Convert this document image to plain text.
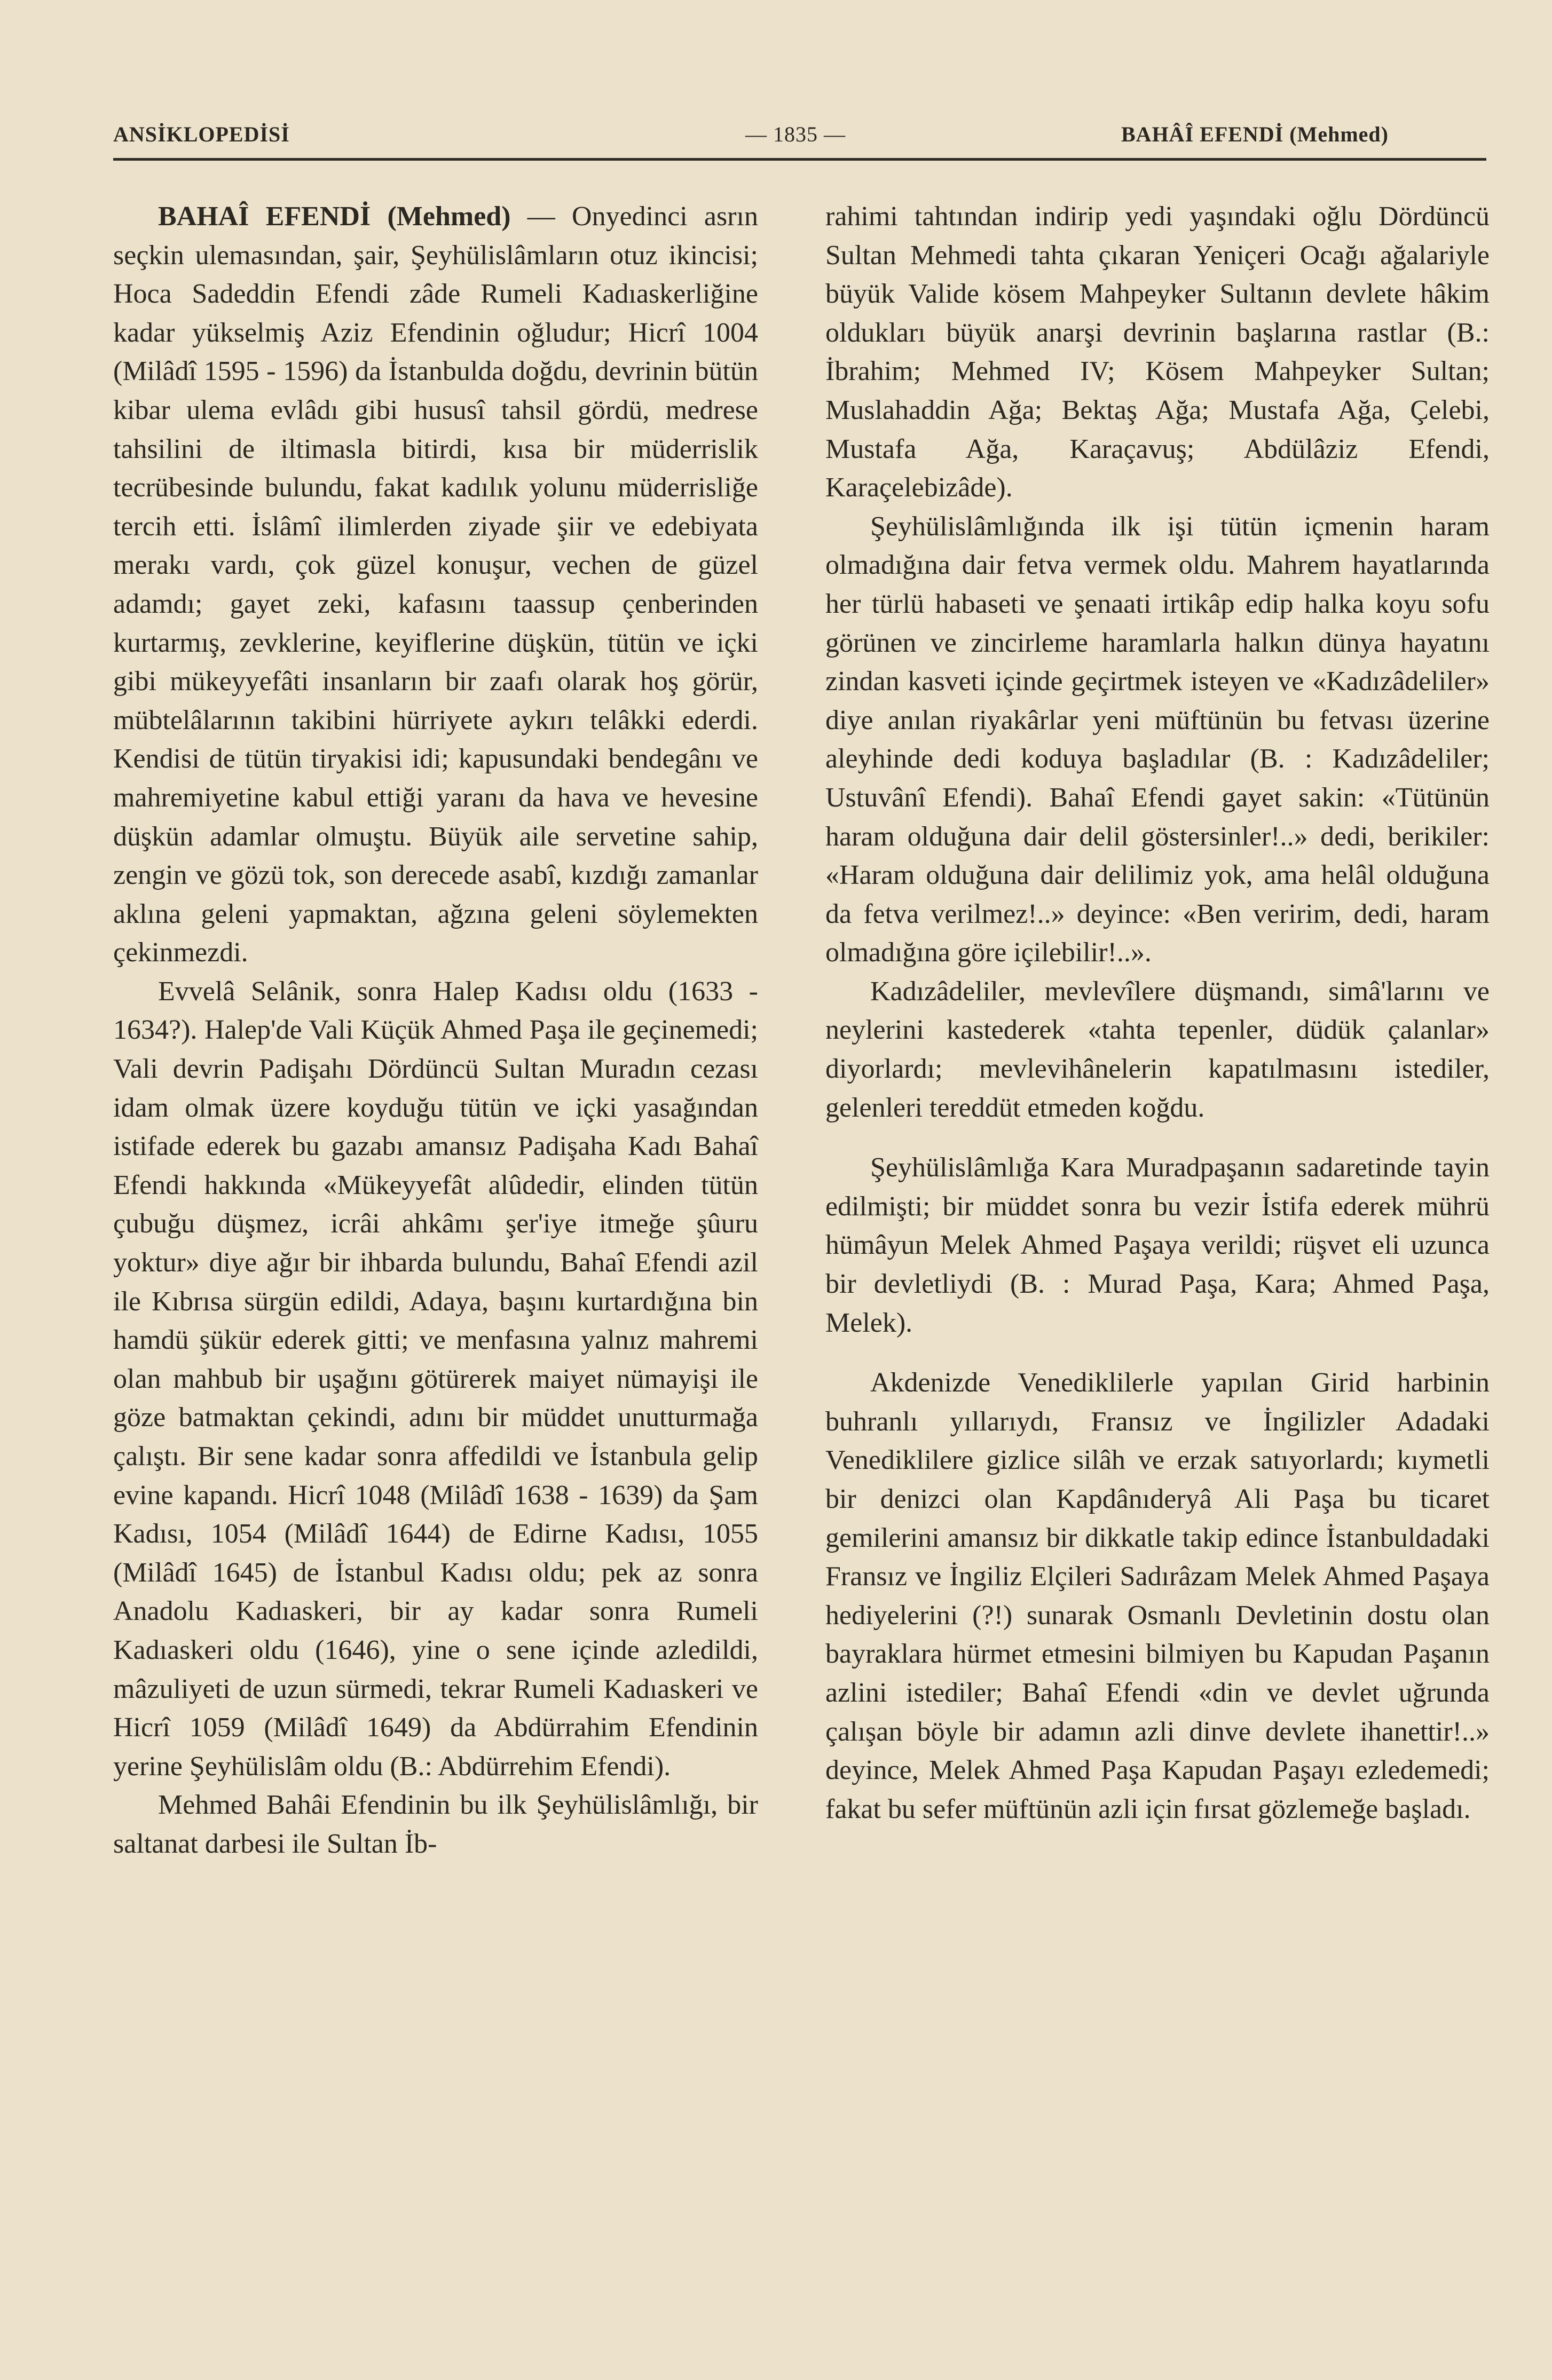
ANSİKLOPEDİSİ	— 1835 —	BAHÂÎ EFENDİ (Mehmed)

BAHAÎ EFENDİ (Mehmed) — Onyedinci asrın seçkin ulemasından, şair, Şeyhülislâmların otuz ikincisi; Hoca Sadeddin Efendi zâde Rumeli Kadıaskerliğine kadar yükselmiş Aziz Efendinin oğludur; Hicrî 1004 (Milâdî 1595 - 1596) da İstanbulda doğdu, devrinin bütün kibar ulema evlâdı gibi hususî tahsil gördü, medrese tahsilini de iltimasla bitirdi, kısa bir müderrislik tecrübesinde bulundu, fakat kadılık yolunu müderrisliğe tercih etti. İslâmî ilimlerden ziyade şiir ve edebiyata merakı vardı, çok güzel konuşur, vechen de güzel adamdı; gayet zeki, kafasını taassup çenberinden kurtarmış, zevklerine, keyiflerine düşkün, tütün ve içki gibi mükeyyefâti insanların bir zaafı olarak hoş görür, mübtelâlarının takibini hürriyete aykırı telâkki ederdi. Kendisi de tütün tiryakisi idi; kapusundaki bendegânı ve mahremiyetine kabul ettiği yaranı da hava ve hevesine düşkün adamlar olmuştu. Büyük aile servetine sahip, zengin ve gözü tok, son derecede asabî, kızdığı zamanlar aklına geleni yapmaktan, ağzına geleni söylemekten çekinmezdi.

Evvelâ Selânik, sonra Halep Kadısı oldu (1633 - 1634?). Halep'de Vali Küçük Ahmed Paşa ile geçinemedi; Vali devrin Padişahı Dördüncü Sultan Muradın cezası idam olmak üzere koyduğu tütün ve içki yasağından istifade ederek bu gazabı amansız Padişaha Kadı Bahaî Efendi hakkında «Mükeyyefât alûdedir, elinden tütün çubuğu düşmez, icrâi ahkâmı şer'iye itmeğe şûuru yoktur» diye ağır bir ihbarda bulundu, Bahaî Efendi azil ile Kıbrısa sürgün edildi, Adaya, başını kurtardığına bin hamdü şükür ederek gitti; ve menfasına yalnız mahremi olan mahbub bir uşağını götürerek maiyet nümayişi ile göze batmaktan çekindi, adını bir müddet unutturmağa çalıştı. Bir sene kadar sonra affedildi ve İstanbula gelip evine kapandı. Hicrî 1048 (Milâdî 1638 - 1639) da Şam Kadısı, 1054 (Milâdî 1644) de Edirne Kadısı, 1055 (Milâdî 1645) de İstanbul Kadısı oldu; pek az sonra Anadolu Kadıaskeri, bir ay kadar sonra Rumeli Kadıaskeri oldu (1646), yine o sene içinde azledildi, mâzuliyeti de uzun sürmedi, tekrar Rumeli Kadıaskeri ve Hicrî 1059 (Milâdî 1649) da Abdürrahim Efendinin yerine Şeyhülislâm oldu (B.: Abdürrehim Efendi).

Mehmed Bahâi Efendinin bu ilk Şeyhülislâmlığı, bir saltanat darbesi ile Sultan İb-

rahimi tahtından indirip yedi yaşındaki oğlu Dördüncü Sultan Mehmedi tahta çıkaran Yeniçeri Ocağı ağalariyle büyük Valide kösem Mahpeyker Sultanın devlete hâkim oldukları büyük anarşi devrinin başlarına rastlar (B.: İbrahim; Mehmed IV; Kösem Mahpeyker Sultan; Muslahaddin Ağa; Bektaş Ağa; Mustafa Ağa, Çelebi, Mustafa Ağa, Karaçavuş; Abdülâziz Efendi, Karaçelebizâde).

Şeyhülislâmlığında ilk işi tütün içmenin haram olmadığına dair fetva vermek oldu. Mahrem hayatlarında her türlü habaseti ve şenaati irtikâp edip halka koyu sofu görünen ve zincirleme haramlarla halkın dünya hayatını zindan kasveti içinde geçirtmek isteyen ve «Kadızâdeliler» diye anılan riyakârlar yeni müftünün bu fetvası üzerine aleyhinde dedi koduya başladılar (B. : Kadızâdeliler; Ustuvânî Efendi). Bahaî Efendi gayet sakin: «Tütünün haram olduğuna dair delil göstersinler!..» dedi, berikiler: «Haram olduğuna dair delilimiz yok, ama helâl olduğuna da fetva verilmez!..» deyince: «Ben veririm, dedi, haram olmadığına göre içilebilir!..».

Kadızâdeliler, mevlevîlere düşmandı, simâ'larını ve neylerini kastederek «tahta tepenler, düdük çalanlar» diyorlardı; mevlevihânelerin kapatılmasını istediler, gelenleri tereddüt etmeden koğdu.

Şeyhülislâmlığa Kara Muradpaşanın sadaretinde tayin edilmişti; bir müddet sonra bu vezir İstifa ederek mührü hümâyun Melek Ahmed Paşaya verildi; rüşvet eli uzunca bir devletliydi (B. : Murad Paşa, Kara; Ahmed Paşa, Melek).

Akdenizde Venediklilerle yapılan Girid harbinin buhranlı yıllarıydı, Fransız ve İngilizler Adadaki Venediklilere gizlice silâh ve erzak satıyorlardı; kıymetli bir denizci olan Kapdânıderyâ Ali Paşa bu ticaret gemilerini amansız bir dikkatle takip edince İstanbuldadaki Fransız ve İngiliz Elçileri Sadırâzam Melek Ahmed Paşaya hediyelerini (?!) sunarak Osmanlı Devletinin dostu olan bayraklara hürmet etmesini bilmiyen bu Kapudan Paşanın azlini istediler; Bahaî Efendi «din ve devlet uğrunda çalışan böyle bir adamın azli dinve devlete ihanettir!..» deyince, Melek Ahmed Paşa Kapudan Paşayı ezledemedi; fakat bu sefer müftünün azli için fırsat gözlemeğe başladı.
